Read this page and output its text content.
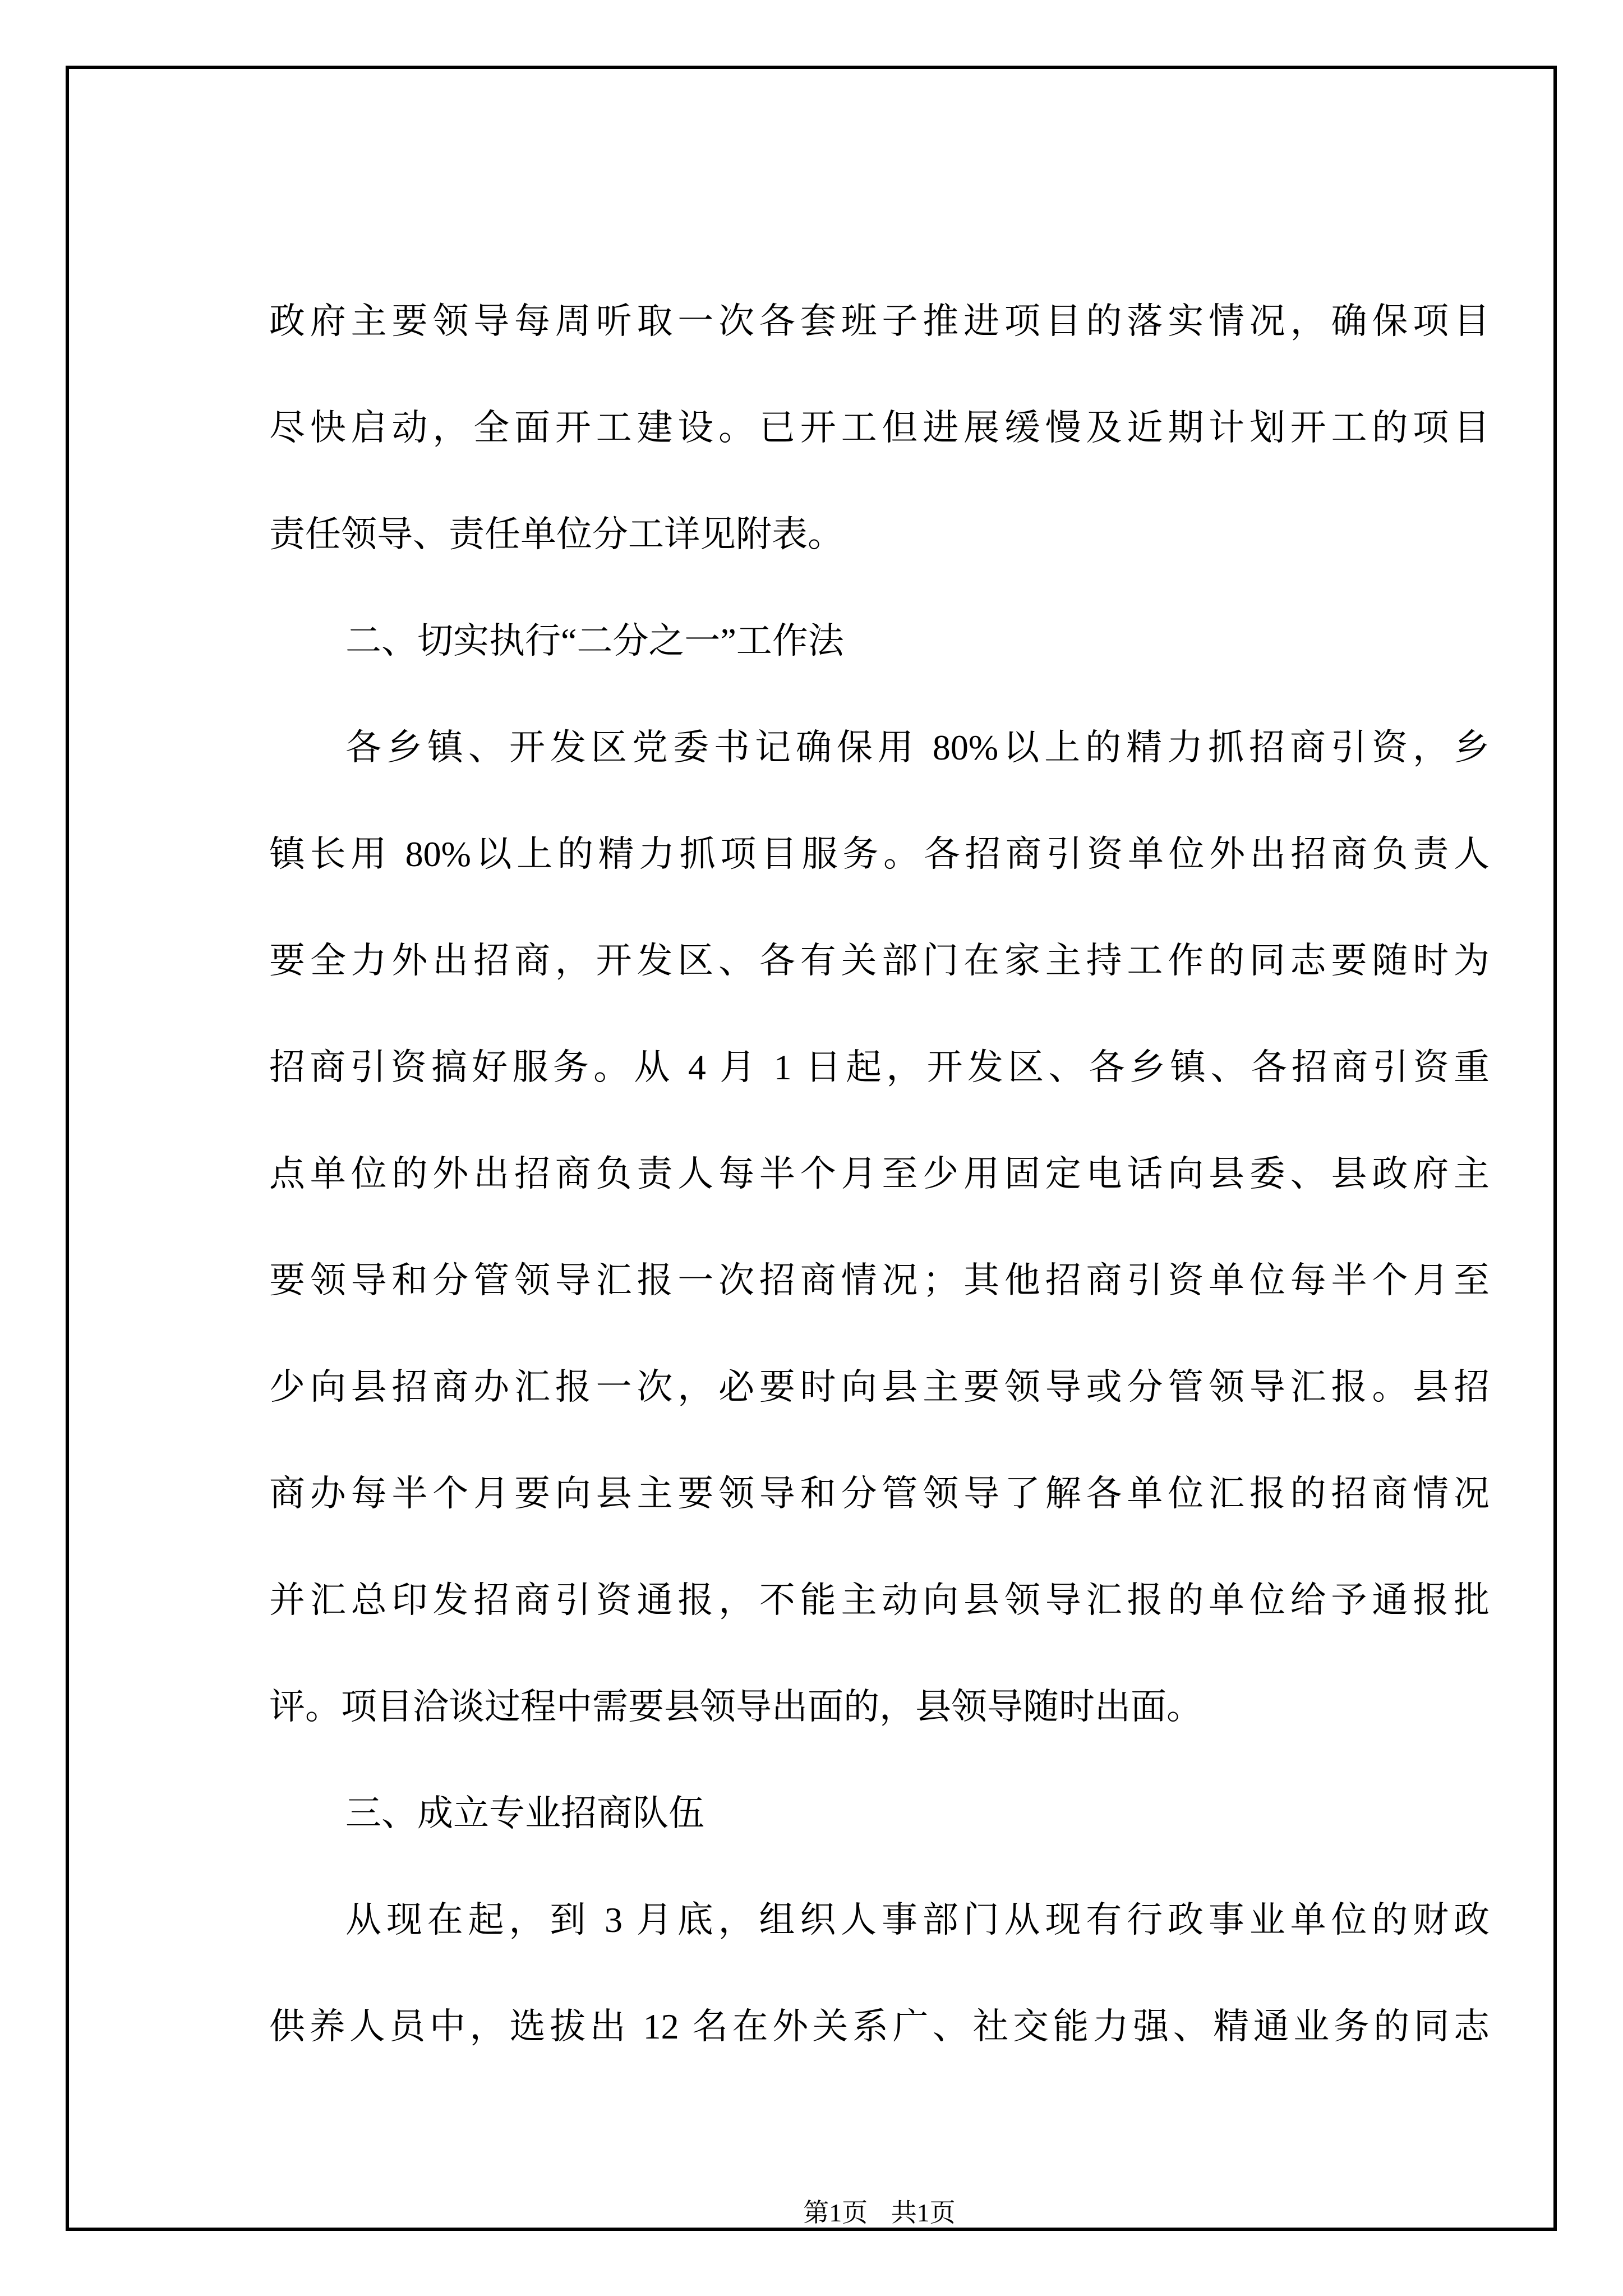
政府主要领导每周听取一次各套班子推进项目的落实情况，确保项目
尽快启动，全面开工建设。已开工但进展缓慢及近期计划开工的项目
责任领导、责任单位分工详见附表。
二、切实执行“二分之一”工作法
各乡镇、开发区党委书记确保用 80%以上的精力抓招商引资，乡
镇长用 80%以上的精力抓项目服务。各招商引资单位外出招商负责人
要全力外出招商，开发区、各有关部门在家主持工作的同志要随时为
招商引资搞好服务。从 4 月 1 日起，开发区、各乡镇、各招商引资重
点单位的外出招商负责人每半个月至少用固定电话向县委、县政府主
要领导和分管领导汇报一次招商情况；其他招商引资单位每半个月至
少向县招商办汇报一次，必要时向县主要领导或分管领导汇报。县招
商办每半个月要向县主要领导和分管领导了解各单位汇报的招商情况
并汇总印发招商引资通报，不能主动向县领导汇报的单位给予通报批
评。项目洽谈过程中需要县领导出面的，县领导随时出面。
三、成立专业招商队伍
从现在起，到 3 月底，组织人事部门从现有行政事业单位的财政
供养人员中，选拔出 12 名在外关系广、社交能力强、精通业务的同志
第1页 共1页
